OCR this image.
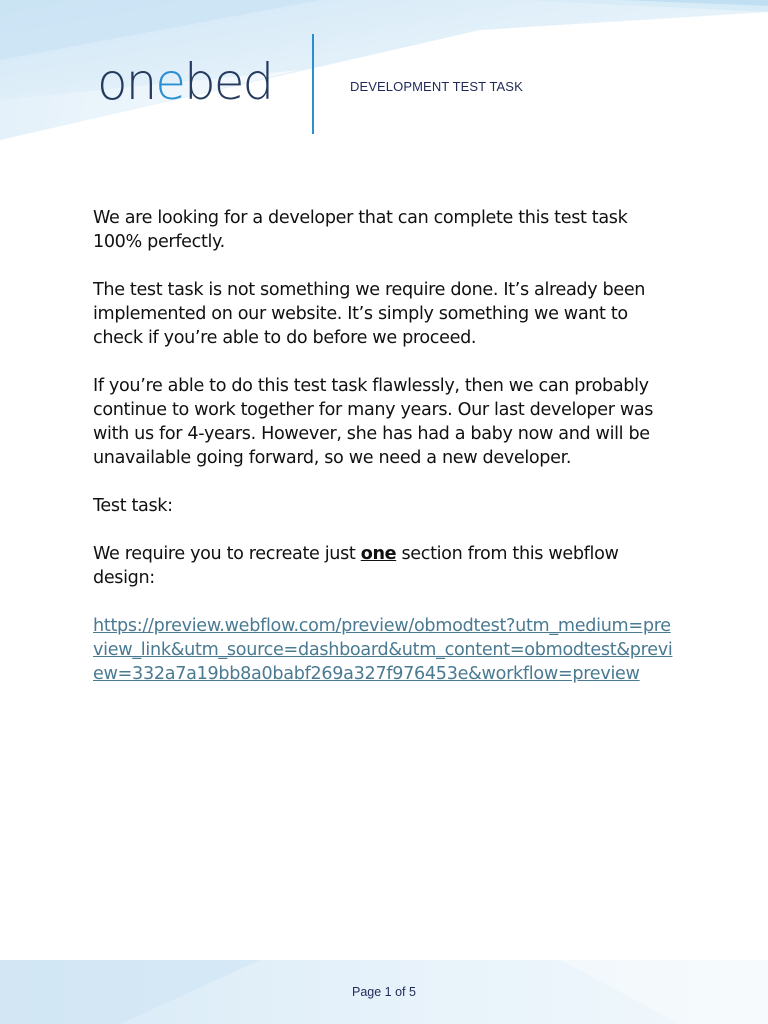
onebed	DEVELOPMENT TEST TASK

We are looking for a developer that can complete this test task 100% perfectly.

The test task is not something we require done. It’s already been implemented on our website. It’s simply something we want to check if you’re able to do before we proceed.

If you’re able to do this test task flawlessly, then we can probably continue to work together for many years. Our last developer was with us for 4-years. However, she has had a baby now and will be unavailable going forward, so we need a new developer.

Test task:

We require you to recreate just one section from this webflow design:

https://preview.webflow.com/preview/obmodtest?utm_medium=preview_link&utm_source=dashboard&utm_content=obmodtest&preview=332a7a19bb8a0babf269a327f976453e&workflow=preview

Page 1 of 5
